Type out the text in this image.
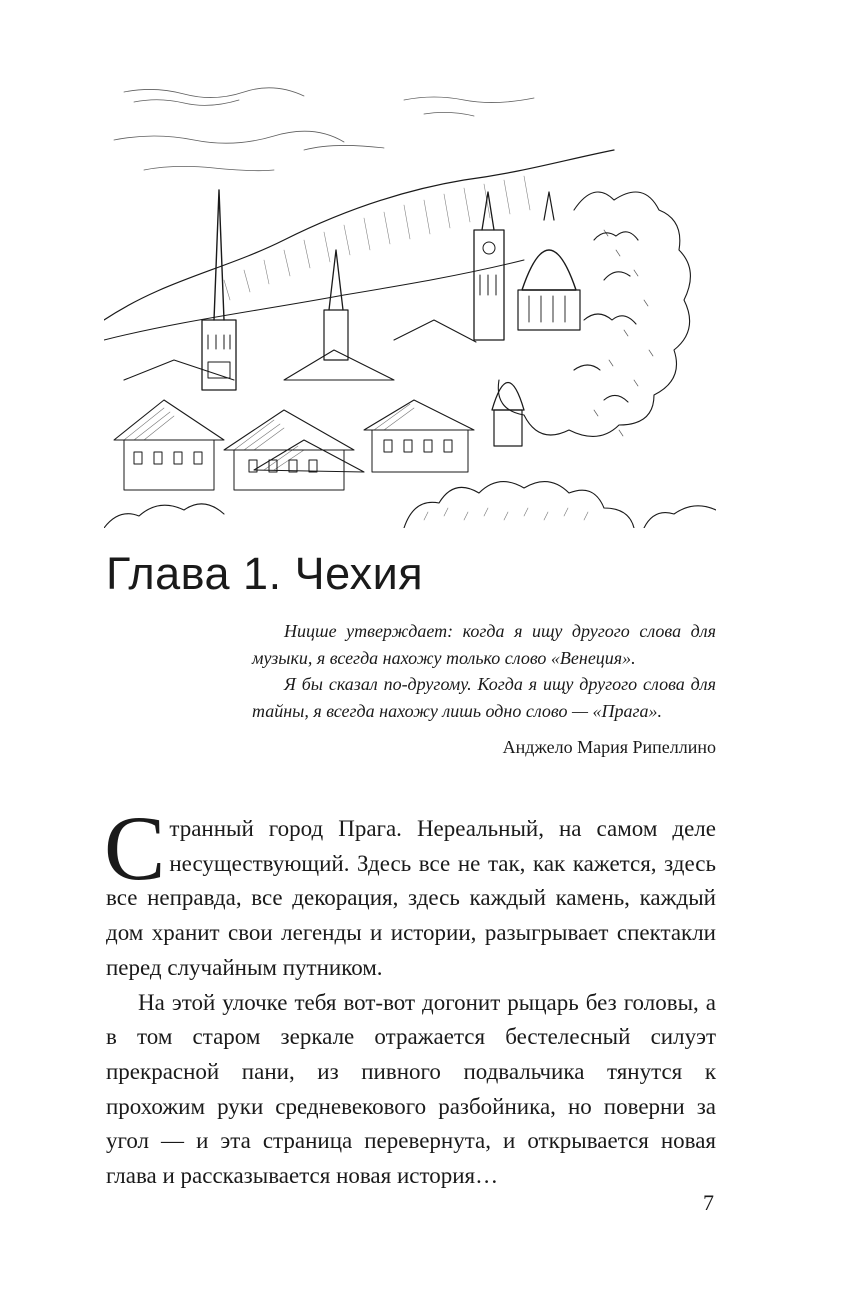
Глава 1. Чехия

Ницше утверждает: когда я ищу другого слова для музыки, я всегда нахожу только слово «Венеция».

Я бы сказал по-другому. Когда я ищу другого слова для тайны, я всегда нахожу лишь одно слово — «Прага».

Анджело Мария Рипеллино

Странный город Прага. Нереальный, на самом деле несуществующий. Здесь все не так, как кажется, здесь все неправда, все декорация, здесь каждый камень, каждый дом хранит свои легенды и истории, разыгрывает спектакли перед случайным путником.

На этой улочке тебя вот-вот догонит рыцарь без головы, а в том старом зеркале отражается бестелесный силуэт прекрасной пани, из пивного подвальчика тянутся к прохожим руки средневекового разбойника, но поверни за угол — и эта страница перевернута, и открывается новая глава и рассказывается новая история…

7
